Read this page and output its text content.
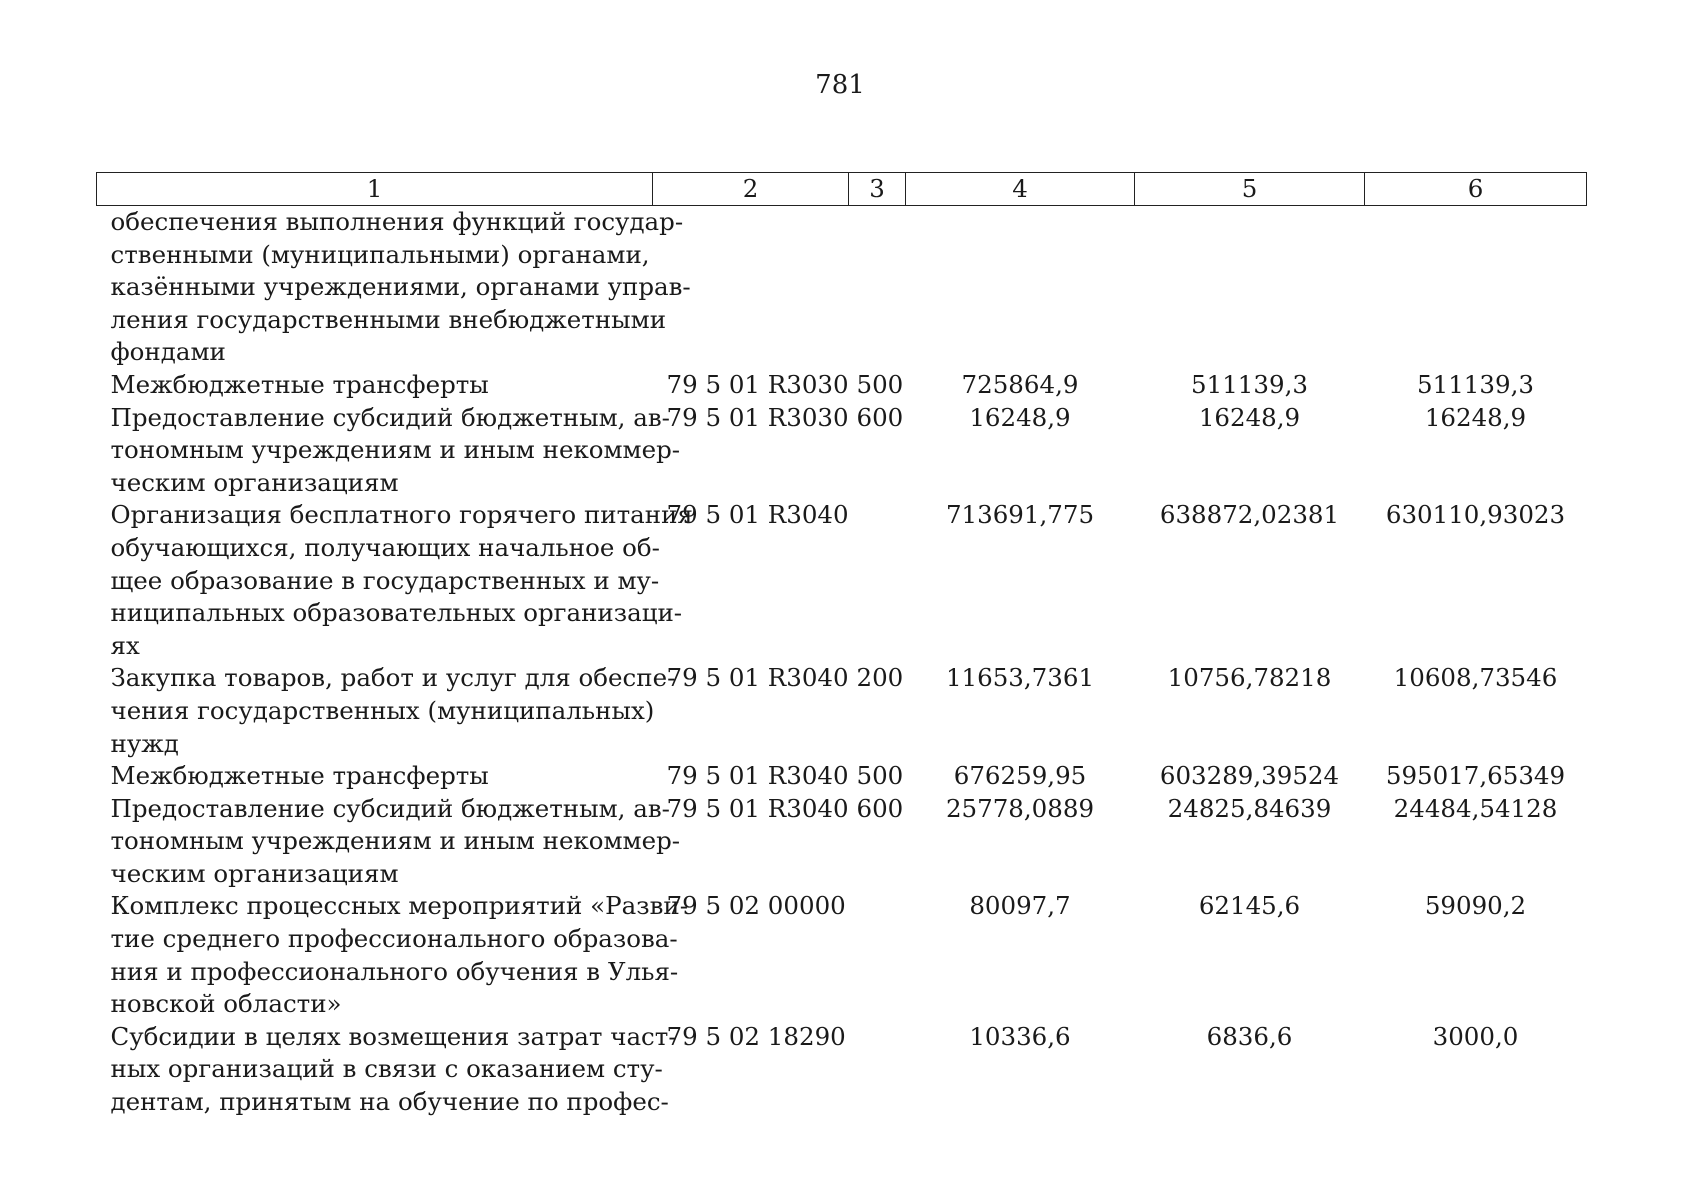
781
1	2	3	4	5	6

обеспечения выполнения функций государ-
ственными (муниципальными) органами,
казёнными учреждениями, органами управ-
ления государственными внебюджетными
фондами					

Межбюджетные трансферты	79 5 01 R3030	500	725864,9	511139,3	511139,3

Предоставление субсидий бюджетным, ав-
тономным учреждениям и иным некоммер-
ческим организациям	79 5 01 R3030	600	16248,9	16248,9	16248,9

Организация бесплатного горячего питания
обучающихся, получающих начальное об-
щее образование в государственных и му-
ниципальных образовательных организаци-
ях	79 5 01 R3040		713691,775	638872,02381	630110,93023

Закупка товаров, работ и услуг для обеспе-
чения государственных (муниципальных)
нужд	79 5 01 R3040	200	11653,7361	10756,78218	10608,73546

Межбюджетные трансферты	79 5 01 R3040	500	676259,95	603289,39524	595017,65349

Предоставление субсидий бюджетным, ав-
тономным учреждениям и иным некоммер-
ческим организациям	79 5 01 R3040	600	25778,0889	24825,84639	24484,54128

Комплекс процессных мероприятий «Разви-
тие среднего профессионального образова-
ния и профессионального обучения в Улья-
новской области»	79 5 02 00000		80097,7	62145,6	59090,2

Субсидии в целях возмещения затрат част-
ных организаций в связи с оказанием сту-
дентам, принятым на обучение по профес-	79 5 02 18290		10336,6	6836,6	3000,0
